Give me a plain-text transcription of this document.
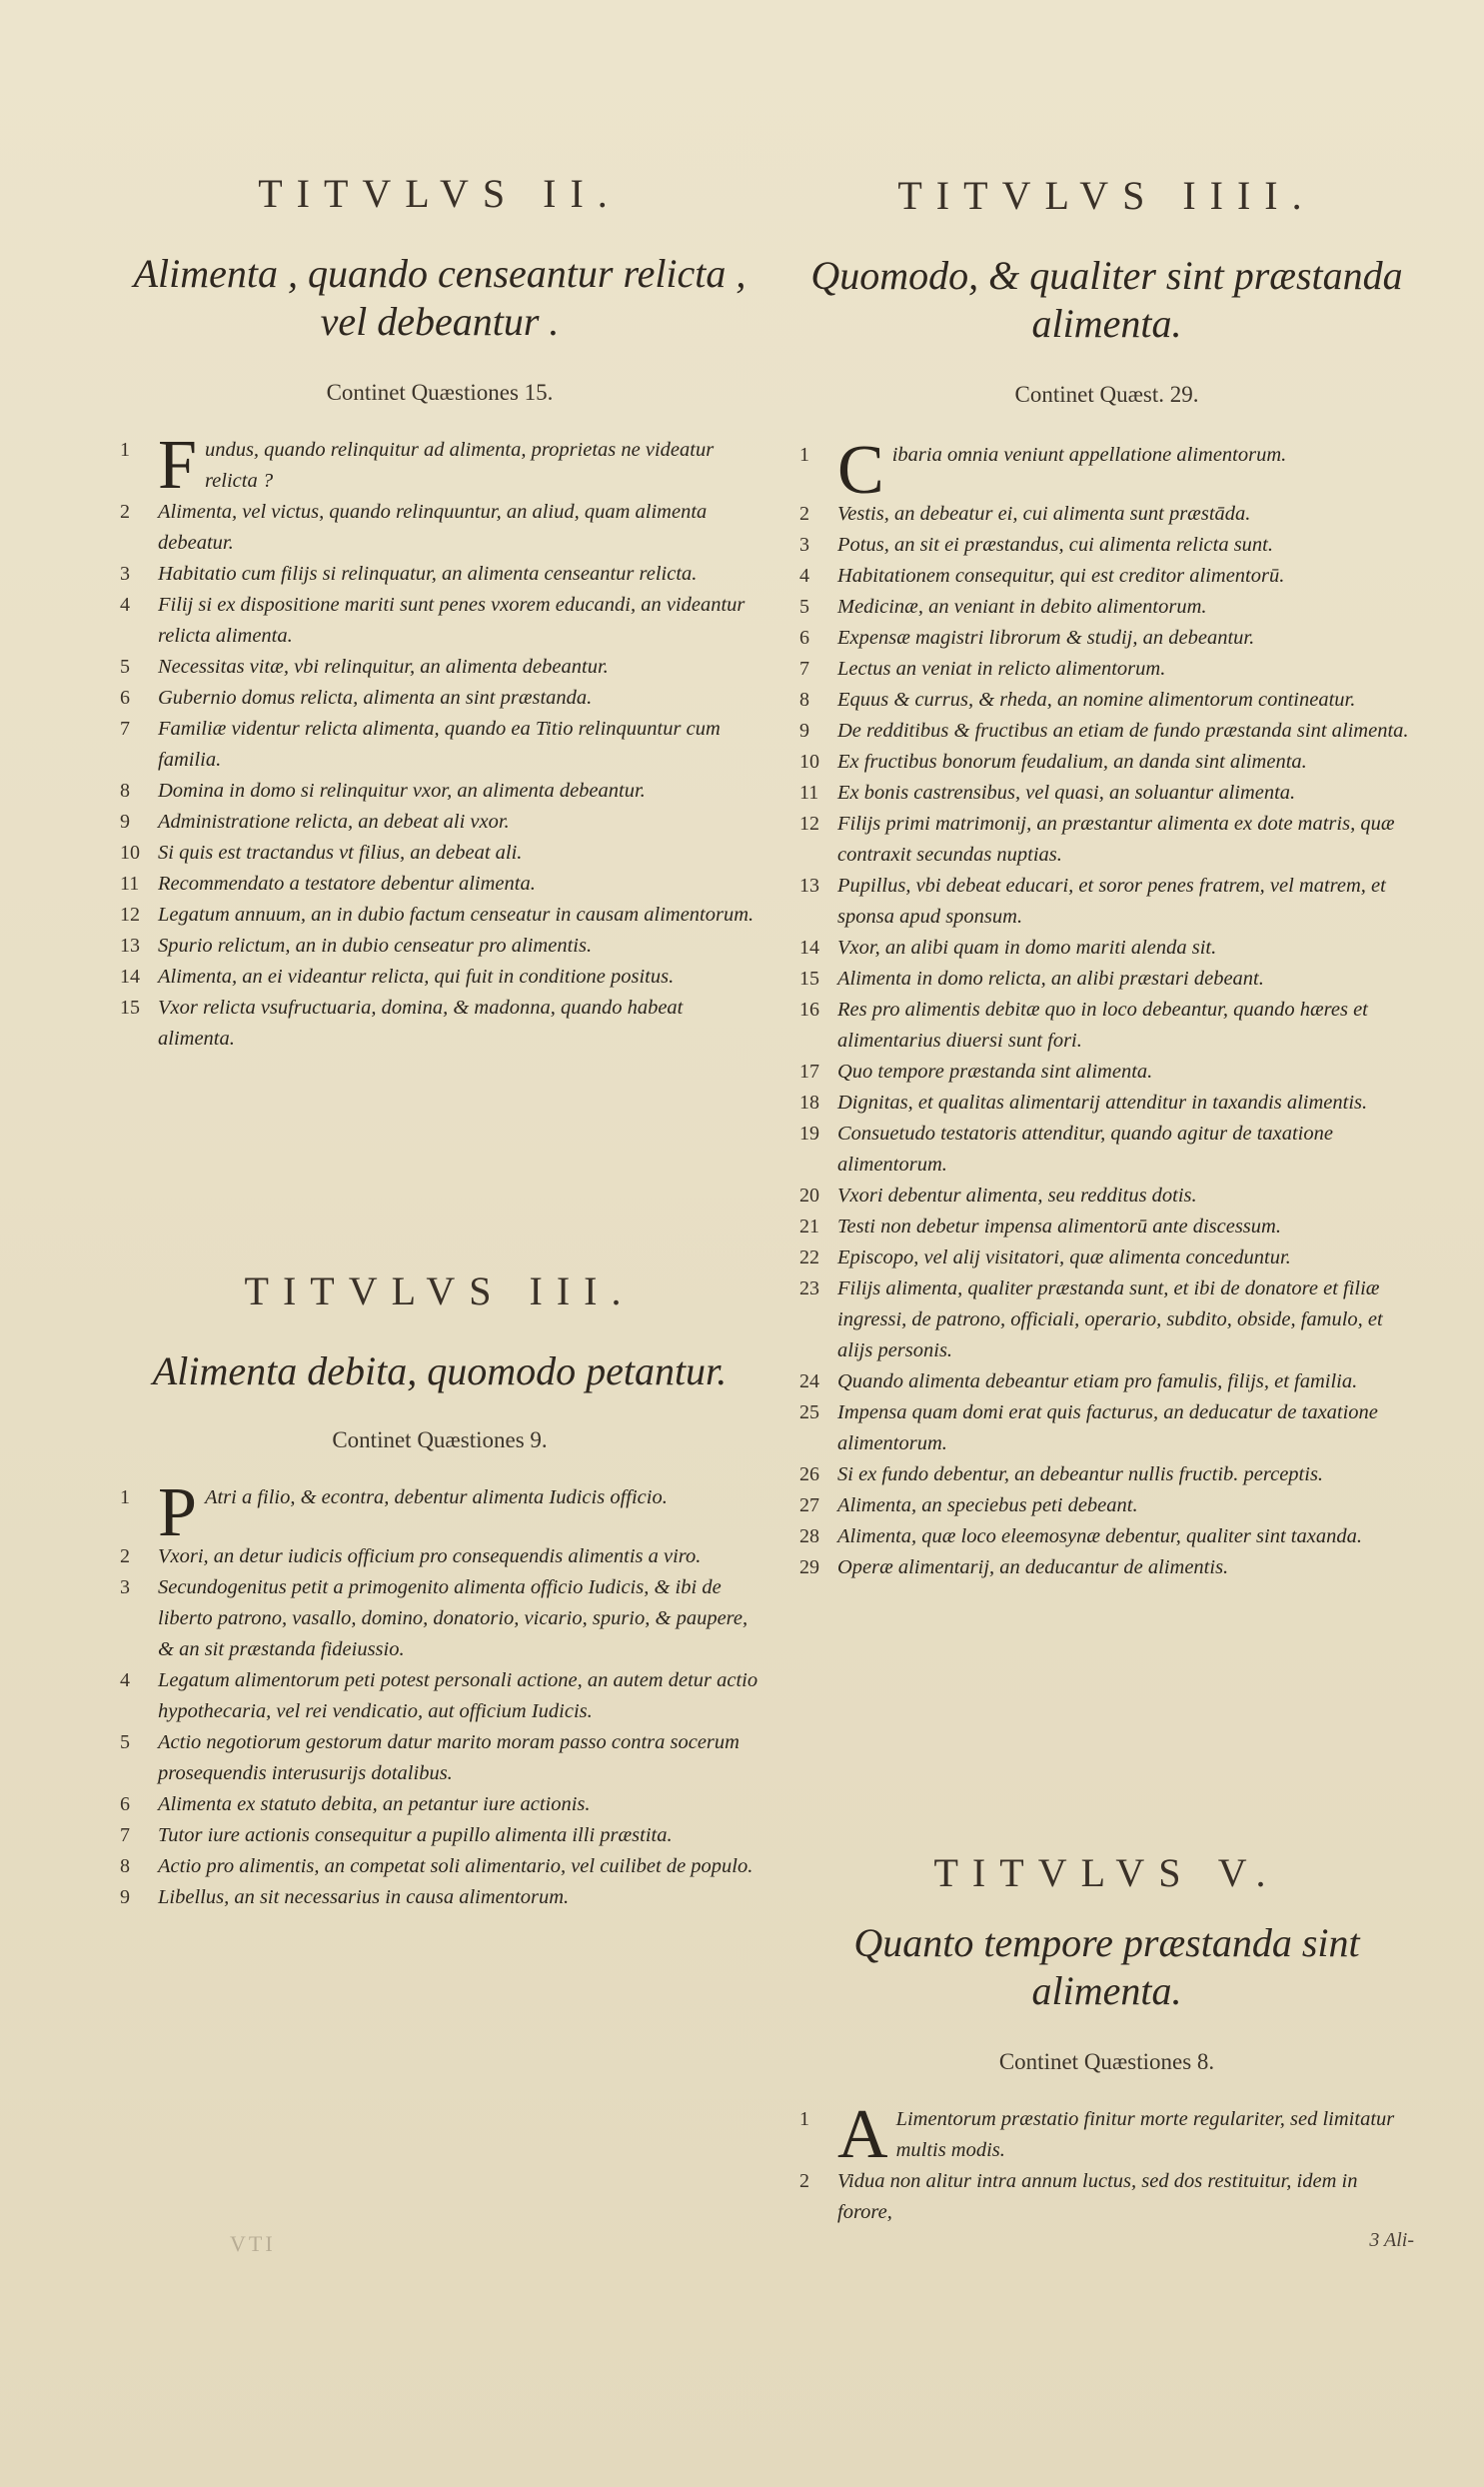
TITVLVS II.

Alimenta , quando censeantur relicta ,

vel debeantur .

Continet Quæstiones 15.

1 Fundus, quando relinquitur ad alimenta, proprietas ne videatur relicta ?
2	Alimenta, vel victus, quando relinquuntur, an aliud, quam alimenta debeatur.
3	Habitatio cum filijs si relinquatur, an alimenta censeantur relicta.
4	Filij si ex dispositione mariti sunt penes vxorem educandi, an videantur relicta alimenta.
5	Necessitas vitæ, vbi relinquitur, an alimenta debeantur.
6	Gubernio domus relicta, alimenta an sint præstanda.
7	Familiæ videntur relicta alimenta, quando ea Titio relinquuntur cum familia.
8	Domina in domo si relinquitur vxor, an alimenta debeantur.
9	Administratione relicta, an debeat ali vxor.
10 Si quis est tractandus vt filius, an debeat ali.
11 Recommendato a testatore debentur alimenta.
12 Legatum annuum, an in dubio factum censeatur in causam alimentorum.
13 Spurio relictum, an in dubio censeatur pro alimentis.
14 Alimenta, an ei videantur relicta, qui fuit in conditione positus.
15 Vxor relicta vsufructuaria, domina, & madonna, quando habeat alimenta.
TITVLVS III.

Alimenta debita, quomodo petantur.

Continet Quæstiones 9.

1 P Atri a filio, & econtra, debentur alimenta Iudicis officio.
2	Vxori, an detur iudicis officium pro consequendis alimentis a viro.
3	Secundogenitus petit a primogenito alimenta officio Iudicis, & ibi de liberto patrono, vasallo, domino, donatorio, vicario, spurio, & paupere, & an sit præstanda fideiussio.
4	Legatum alimentorum peti potest personali actione, an autem detur actio hypothecaria, vel rei vendicatio, aut officium Iudicis.
5	Actio negotiorum gestorum datur marito moram passo contra socerum prosequendis interusurijs dotalibus.
6	Alimenta ex statuto debita, an petantur iure actionis.
7	Tutor iure actionis consequitur a pupillo alimenta illi præstita.
8	Actio pro alimentis, an competat soli alimentario, vel cuilibet de populo.
9	Libellus, an sit necessarius in causa alimentorum.
VTI
TITVLVS IIII.

Quomodo, & qualiter sint præstanda

alimenta.

Continet Quæst. 29.

1 Cibaria omnia veniunt appellatione alimentorum.
2	Vestis, an debeatur ei, cui alimenta sunt præstāda.
3	Potus, an sit ei præstandus, cui alimenta relicta sunt.
4	Habitationem consequitur, qui est creditor alimentorū.
5	Medicinæ, an veniant in debito alimentorum.
6	Expensæ magistri librorum & studij, an debeantur.
7	Lectus an veniat in relicto alimentorum.
8	Equus & currus, & rheda, an nomine alimentorum contineatur.
9	De redditibus & fructibus an etiam de fundo præstanda sint alimenta.
10 Ex fructibus bonorum feudalium, an danda sint alimenta.
11 Ex bonis castrensibus, vel quasi, an soluantur alimenta.
12 Filijs primi matrimonij, an præstantur alimenta ex dote matris, quæ contraxit secundas nuptias.
13 Pupillus, vbi debeat educari, et soror penes fratrem, vel matrem, et sponsa apud sponsum.
14 Vxor, an alibi quam in domo mariti alenda sit.
15 Alimenta in domo relicta, an alibi præstari debeant.
16 Res pro alimentis debitæ quo in loco debeantur, quando hæres et alimentarius diuersi sunt fori.
17 Quo tempore præstanda sint alimenta.
18 Dignitas, et qualitas alimentarij attenditur in taxandis alimentis.
19 Consuetudo testatoris attenditur, quando agitur de taxatione alimentorum.
20 Vxori debentur alimenta, seu redditus dotis.
21 Testi non debetur impensa alimentorū ante discessum.
22 Episcopo, vel alij visitatori, quæ alimenta conceduntur.
23 Filijs alimenta, qualiter præstanda sunt, et ibi de donatore et filiæ ingressi, de patrono, officiali, operario, subdito, obside, famulo, et alijs personis.
24 Quando alimenta debeantur etiam pro famulis, filijs, et familia.
25 Impensa quam domi erat quis facturus, an deducatur de taxatione alimentorum.
26 Si ex fundo debentur, an debeantur nullis fructib. perceptis.
27 Alimenta, an speciebus peti debeant.
28 Alimenta, quæ loco eleemosynæ debentur, qualiter sint taxanda.
29 Operæ alimentarij, an deducantur de alimentis.
TITVLVS V.

Quanto tempore præstanda sint

alimenta.

Continet Quæstiones 8.

1 A Limentorum præstatio finitur morte regulariter, sed limitatur multis modis.
2	Vidua non alitur intra annum luctus, sed dos restituitur, idem in forore,
3 Ali-
